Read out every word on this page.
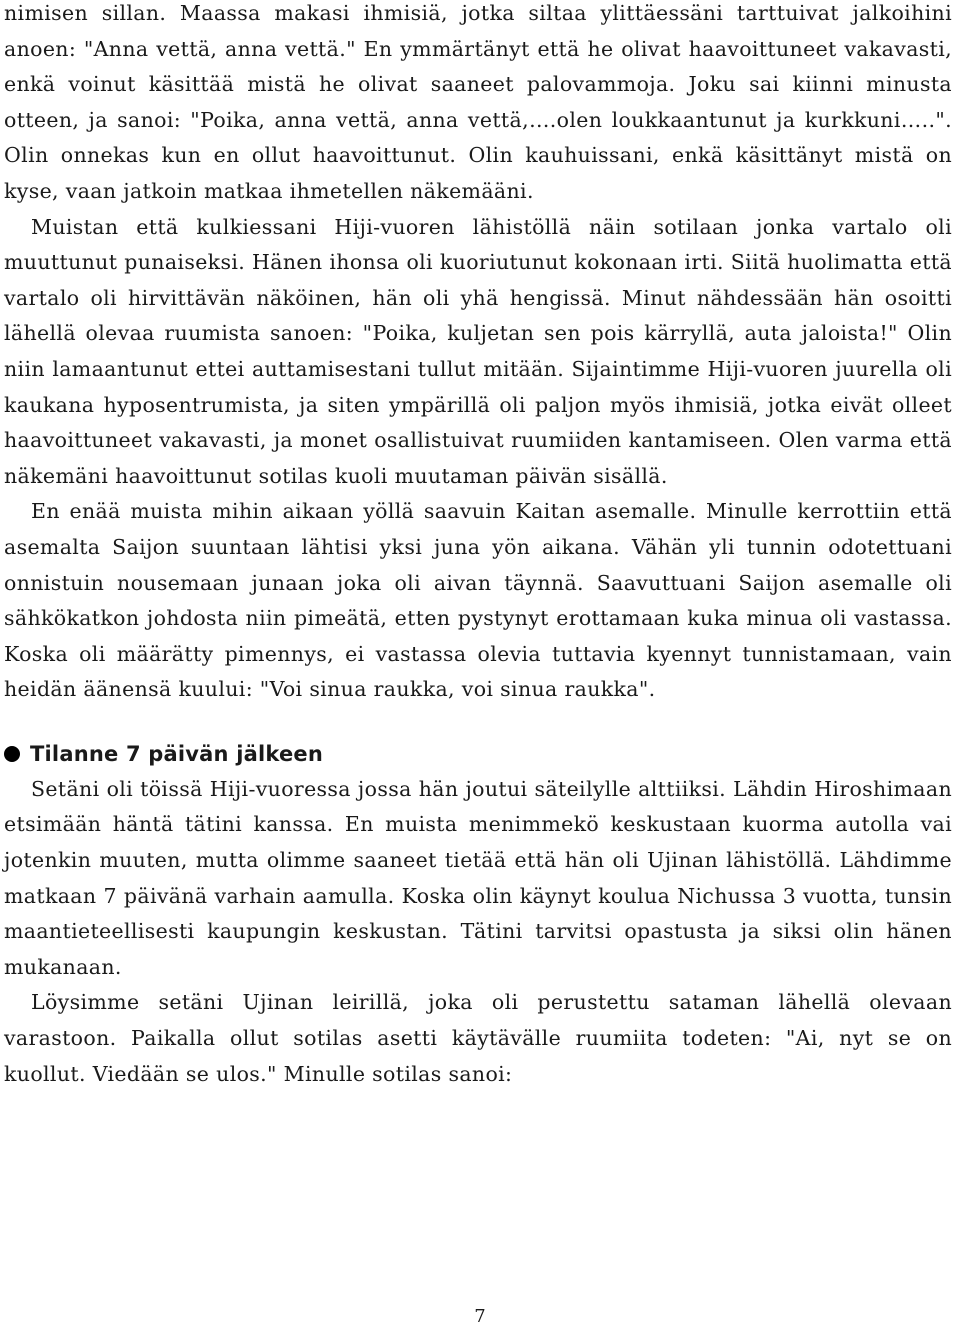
nimisen sillan. Maassa makasi ihmisiä, jotka siltaa ylittäessäni tarttuivat jalkoihini anoen: "Anna vettä, anna vettä." En ymmärtänyt että he olivat haavoittuneet vakavasti, enkä voinut käsittää mistä he olivat saaneet palovammoja. Joku sai kiinni minusta otteen, ja sanoi: "Poika, anna vettä, anna vettä,….olen loukkaantunut ja kurkkuni…..". Olin onnekas kun en ollut haavoittunut. Olin kauhuissani, enkä käsittänyt mistä on kyse, vaan jatkoin matkaa ihmetellen näkemääni.

Muistan että kulkiessani Hiji-vuoren lähistöllä näin sotilaan jonka vartalo oli muuttunut punaiseksi. Hänen ihonsa oli kuoriutunut kokonaan irti. Siitä huolimatta että vartalo oli hirvittävän näköinen, hän oli yhä hengissä. Minut nähdessään hän osoitti lähellä olevaa ruumista sanoen: "Poika, kuljetan sen pois kärryllä, auta jaloista!" Olin niin lamaantunut ettei auttamisestani tullut mitään. Sijaintimme Hiji-vuoren juurella oli kaukana hyposentrumista, ja siten ympärillä oli paljon myös ihmisiä, jotka eivät olleet haavoittuneet vakavasti, ja monet osallistuivat ruumiiden kantamiseen. Olen varma että näkemäni haavoittunut sotilas kuoli muutaman päivän sisällä.

En enää muista mihin aikaan yöllä saavuin Kaitan asemalle. Minulle kerrottiin että asemalta Saijon suuntaan lähtisi yksi juna yön aikana. Vähän yli tunnin odotettuani onnistuin nousemaan junaan joka oli aivan täynnä. Saavuttuani Saijon asemalle oli sähkökatkon johdosta niin pimeätä, etten pystynyt erottamaan kuka minua oli vastassa. Koska oli määrätty pimennys, ei vastassa olevia tuttavia kyennyt tunnistamaan, vain heidän äänensä kuului: "Voi sinua raukka, voi sinua raukka".

Tilanne 7 päivän jälkeen

Setäni oli töissä Hiji-vuoressa jossa hän joutui säteilylle alttiiksi. Lähdin Hiroshimaan etsimään häntä tätini kanssa. En muista menimmekö keskustaan kuorma autolla vai jotenkin muuten, mutta olimme saaneet tietää että hän oli Ujinan lähistöllä. Lähdimme matkaan 7 päivänä varhain aamulla. Koska olin käynyt koulua Nichussa 3 vuotta, tunsin maantieteellisesti kaupungin keskustan. Tätini tarvitsi opastusta ja siksi olin hänen mukanaan.

Löysimme setäni Ujinan leirillä, joka oli perustettu sataman lähellä olevaan varastoon. Paikalla ollut sotilas asetti käytävälle ruumiita todeten: "Ai, nyt se on kuollut. Viedään se ulos." Minulle sotilas sanoi:

7
